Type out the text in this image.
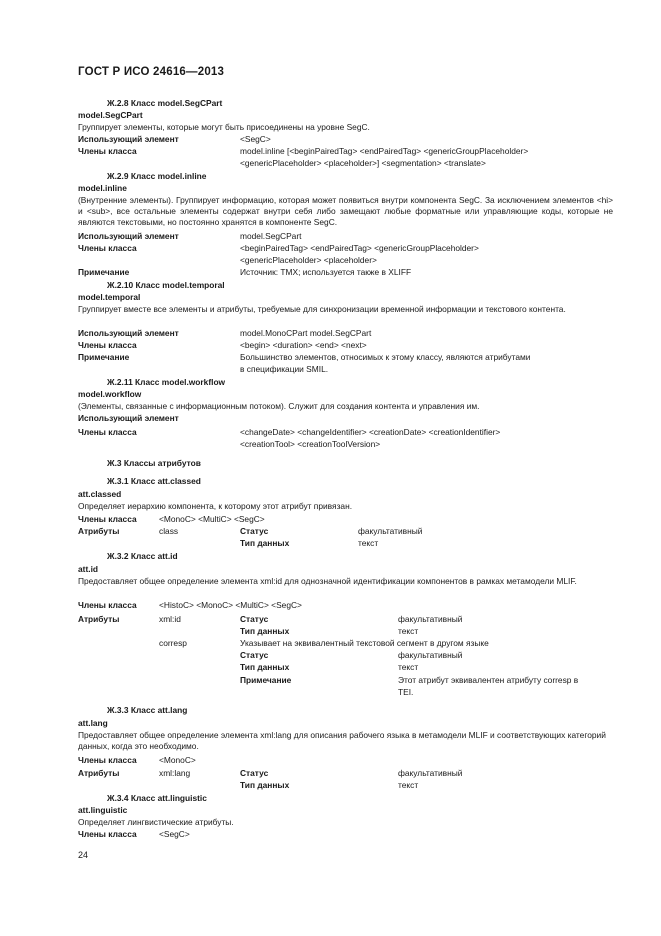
ГОСТ Р ИСО 24616—2013
Ж.2.8 Класс model.SegCPart
model.SegCPart
Группирует элементы, которые могут быть присоединены на уровне SegC.
Использующий элемент	<SegC>
Члены класса	model.inline [<beginPairedTag> <endPairedTag> <genericGroupPlaceholder>
<genericPlaceholder> <placeholder>] <segmentation> <translate>
Ж.2.9 Класс model.inline
model.inline
(Внутренние элементы). Группирует информацию, которая может появиться внутри компонента SegC. За исключением элементов <hi> и <sub>, все остальные элементы содержат внутри себя либо замещают любые форматные или управляющие коды, которые не являются текстовыми, но постоянно хранятся в компоненте SegC.
Использующий элемент	model.SegCPart
Члены класса	<beginPairedTag> <endPairedTag> <genericGroupPlaceholder>
<genericPlaceholder> <placeholder>
Примечание	Источник: TMX; используется также в XLIFF
Ж.2.10 Класс model.temporal
model.temporal
Группирует вместе все элементы и атрибуты, требуемые для синхронизации временной информации и текстового контента.
Использующий элемент	model.MonoCPart model.SegCPart
Члены класса	<begin> <duration> <end> <next>
Примечание	Большинство элементов, относимых к этому классу, являются атрибутами
в спецификации SMIL.
Ж.2.11 Класс model.workflow
model.workflow
(Элементы, связанные с информационным потоком). Служит для создания контента и управления им.
Использующий элемент
Члены класса	<changeDate> <changeIdentifier> <creationDate> <creationIdentifier>
<creationTool> <creationToolVersion>
Ж.3 Классы атрибутов
Ж.3.1 Класс att.classed
att.classed
Определяет иерархию компонента, к которому этот атрибут привязан.
Члены класса	<MonoC> <MultiC> <SegC>
Атрибуты	class	Статус	факультативный
Тип данных	текст
Ж.3.2 Класс att.id
att.id
Предоставляет общее определение элемента xml:id для однозначной идентификации компонентов в рамках метамодели MLIF.
Члены класса	<HistoC> <MonoC> <MultiC> <SegC>
Атрибуты	xml:id	Статус	факультативный
Тип данных	текст
corresp	Указывает на эквивалентный текстовой сегмент в другом языке
Статус	факультативный
Тип данных	текст
Примечание	Этот атрибут эквивалентен атрибуту corresp в
TEI.
Ж.3.3 Класс att.lang
att.lang
Предоставляет общее определение элемента xml:lang для описания рабочего языка в метамодели MLIF и соответствующих категорий данных, когда это необходимо.
Члены класса	<MonoC>
Атрибуты	xml:lang	Статус	факультативный
Тип данных	текст
Ж.3.4 Класс att.linguistic
att.linguistic
Определяет лингвистические атрибуты.
Члены класса	<SegC>
24
